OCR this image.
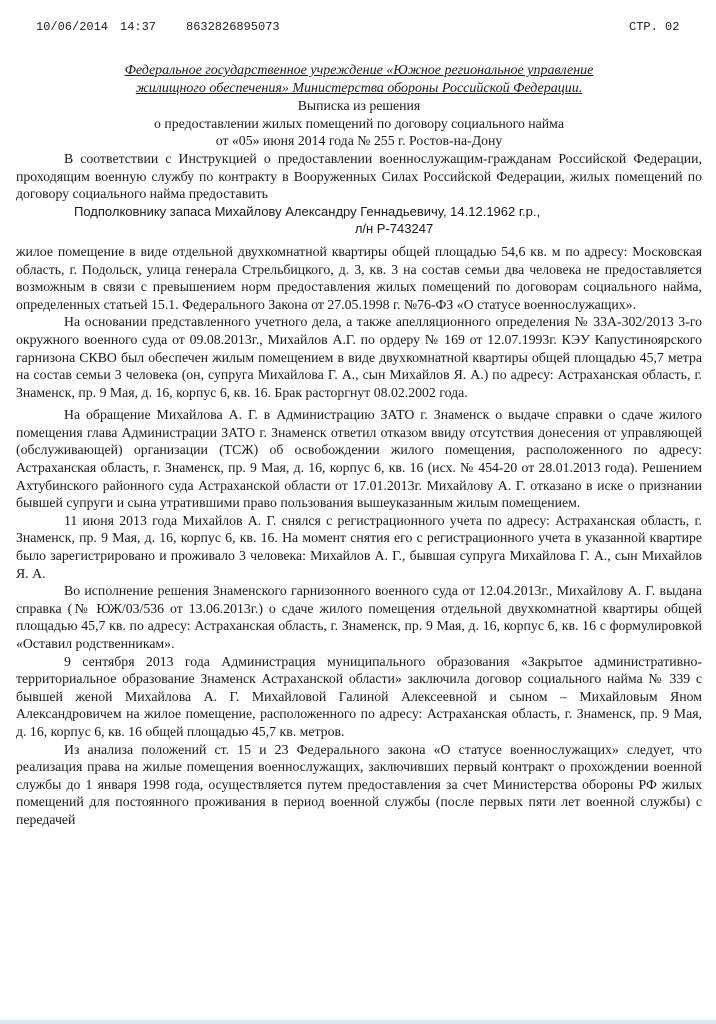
10/06/2014 14:37 8632826895073	СТР. 02
Федеральное государственное учреждение «Южное региональное управление
жилищного обеспечения» Министерства обороны Российской Федерации.
Выписка из решения
о предоставлении жилых помещений по договору социального найма
от «05» июня 2014 года № 255 г. Ростов-на-Дону

В соответствии с Инструкцией о предоставлении военнослужащим-гражданам Российской Федерации, проходящим военную службу по контракту в Вооруженных Силах Российской Федерации, жилых помещений по договору социального найма предоставить

Подполковнику запаса Михайлову Александру Геннадьевичу, 14.12.1962 г.р.,
л/н Р-743247

жилое помещение в виде отдельной двухкомнатной квартиры общей площадью 54,6 кв. м по адресу: Московская область, г. Подольск, улица генерала Стрельбицкого, д. 3, кв. 3 на состав семьи два человека не предоставляется возможным в связи с превышением норм предоставления жилых помещений по договорам социального найма, определенных статьей 15.1. Федерального Закона от 27.05.1998 г. №76-ФЗ «О статусе военнослужащих».

На основании представленного учетного дела, а также апелляционного определения № 33А-302/2013 3-го окружного военного суда от 09.08.2013г., Михайлов А.Г. по ордеру № 169 от 12.07.1993г. КЭУ Капустиноярского гарнизона СКВО был обеспечен жилым помещением в виде двухкомнатной квартиры общей площадью 45,7 метра на состав семьи 3 человека (он, супруга Михайлова Г. А., сын Михайлов Я. А.) по адресу: Астраханская область, г. Знаменск, пр. 9 Мая, д. 16, корпус 6, кв. 16. Брак расторгнут 08.02.2002 года.

На обращение Михайлова А. Г. в Администрацию ЗАТО г. Знаменск о выдаче справки о сдаче жилого помещения глава Администрации ЗАТО г. Знаменск ответил отказом ввиду отсутствия донесения от управляющей (обслуживающей) организации (ТСЖ) об освобождении жилого помещения, расположенного по адресу: Астраханская область, г. Знаменск, пр. 9 Мая, д. 16, корпус 6, кв. 16 (исх. № 454-20 от 28.01.2013 года). Решением Ахтубинского районного суда Астраханской области от 17.01.2013г. Михайлову А. Г. отказано в иске о признании бывшей супруги и сына утратившими право пользования вышеуказанным жилым помещением.

11 июня 2013 года Михайлов А. Г. снялся с регистрационного учета по адресу: Астраханская область, г. Знаменск, пр. 9 Мая, д. 16, корпус 6, кв. 16. На момент снятия его с регистрационного учета в указанной квартире было зарегистрировано и проживало 3 человека: Михайлов А. Г., бывшая супруга Михайлова Г. А., сын Михайлов Я. А.

Во исполнение решения Знаменского гарнизонного военного суда от 12.04.2013г., Михайлову А. Г. выдана справка (№ ЮЖ/03/536 от 13.06.2013г.) о сдаче жилого помещения отдельной двухкомнатной квартиры общей площадью 45,7 кв. по адресу: Астраханская область, г. Знаменск, пр. 9 Мая, д. 16, корпус 6, кв. 16 с формулировкой «Оставил родственникам».

9 сентября 2013 года Администрация муниципального образования «Закрытое административно-территориальное образование Знаменск Астраханской области» заключила договор социального найма № 339 с бывшей женой Михайлова А. Г. Михайловой Галиной Алексеевной и сыном – Михайловым Яном Александровичем на жилое помещение, расположенного по адресу: Астраханская область, г. Знаменск, пр. 9 Мая, д. 16, корпус 6, кв. 16 общей площадью 45,7 кв. метров.

Из анализа положений ст. 15 и 23 Федерального закона «О статусе военнослужащих» следует, что реализация права на жилые помещения военнослужащих, заключивших первый контракт о прохождении военной службы до 1 января 1998 года, осуществляется путем предоставления за счет Министерства обороны РФ жилых помещений для постоянного проживания в период военной службы (после первых пяти лет военной службы) с передачей
